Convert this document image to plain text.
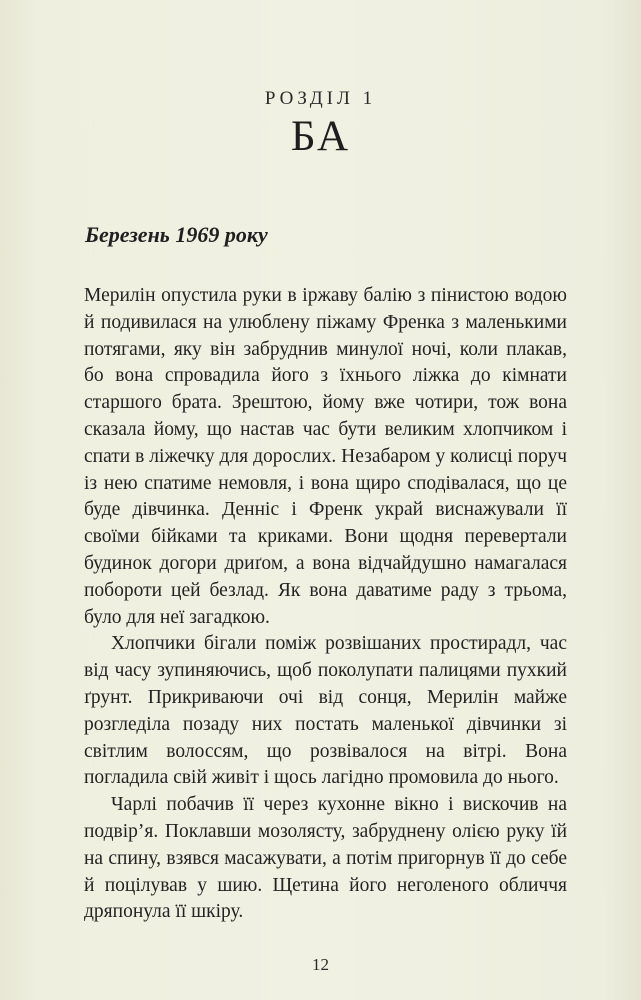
РОЗДІЛ 1
БА
Березень 1969 року

Мерилін опустила руки в іржаву балію з пінистою водою й подивилася на улюблену піжаму Френка з маленькими потягами, яку він забруднив минулої ночі, коли плакав, бо вона спровадила його з їхнього ліжка до кімнати старшого брата. Зрештою, йому вже чотири, тож вона сказала йому, що настав час бути великим хлопчиком і спати в ліжечку для дорослих. Незабаром у колисці поруч із нею спатиме немовля, і вона щиро сподівалася, що це буде дівчинка. Денніс і Френк украй виснажували її своїми бійками та криками. Вони щодня перевертали будинок догори дриґом, а вона відчайдушно намагалася побороти цей безлад. Як вона даватиме раду з трьома, було для неї загадкою.

Хлопчики бігали поміж розвішаних простирадл, час від часу зупиняючись, щоб поколупати палицями пухкий ґрунт. Прикриваючи очі від сонця, Мерилін майже розгледіла позаду них постать маленької дівчинки зі світлим волоссям, що розвівалося на вітрі. Вона погладила свій живіт і щось лагідно промовила до нього.

Чарлі побачив її через кухонне вікно і вискочив на подвір’я. Поклавши мозолясту, забруднену олією руку їй на спину, взявся масажувати, а потім пригорнув її до себе й поцілував у шию. Щетина його неголеного обличчя дряпонула її шкіру.

12
